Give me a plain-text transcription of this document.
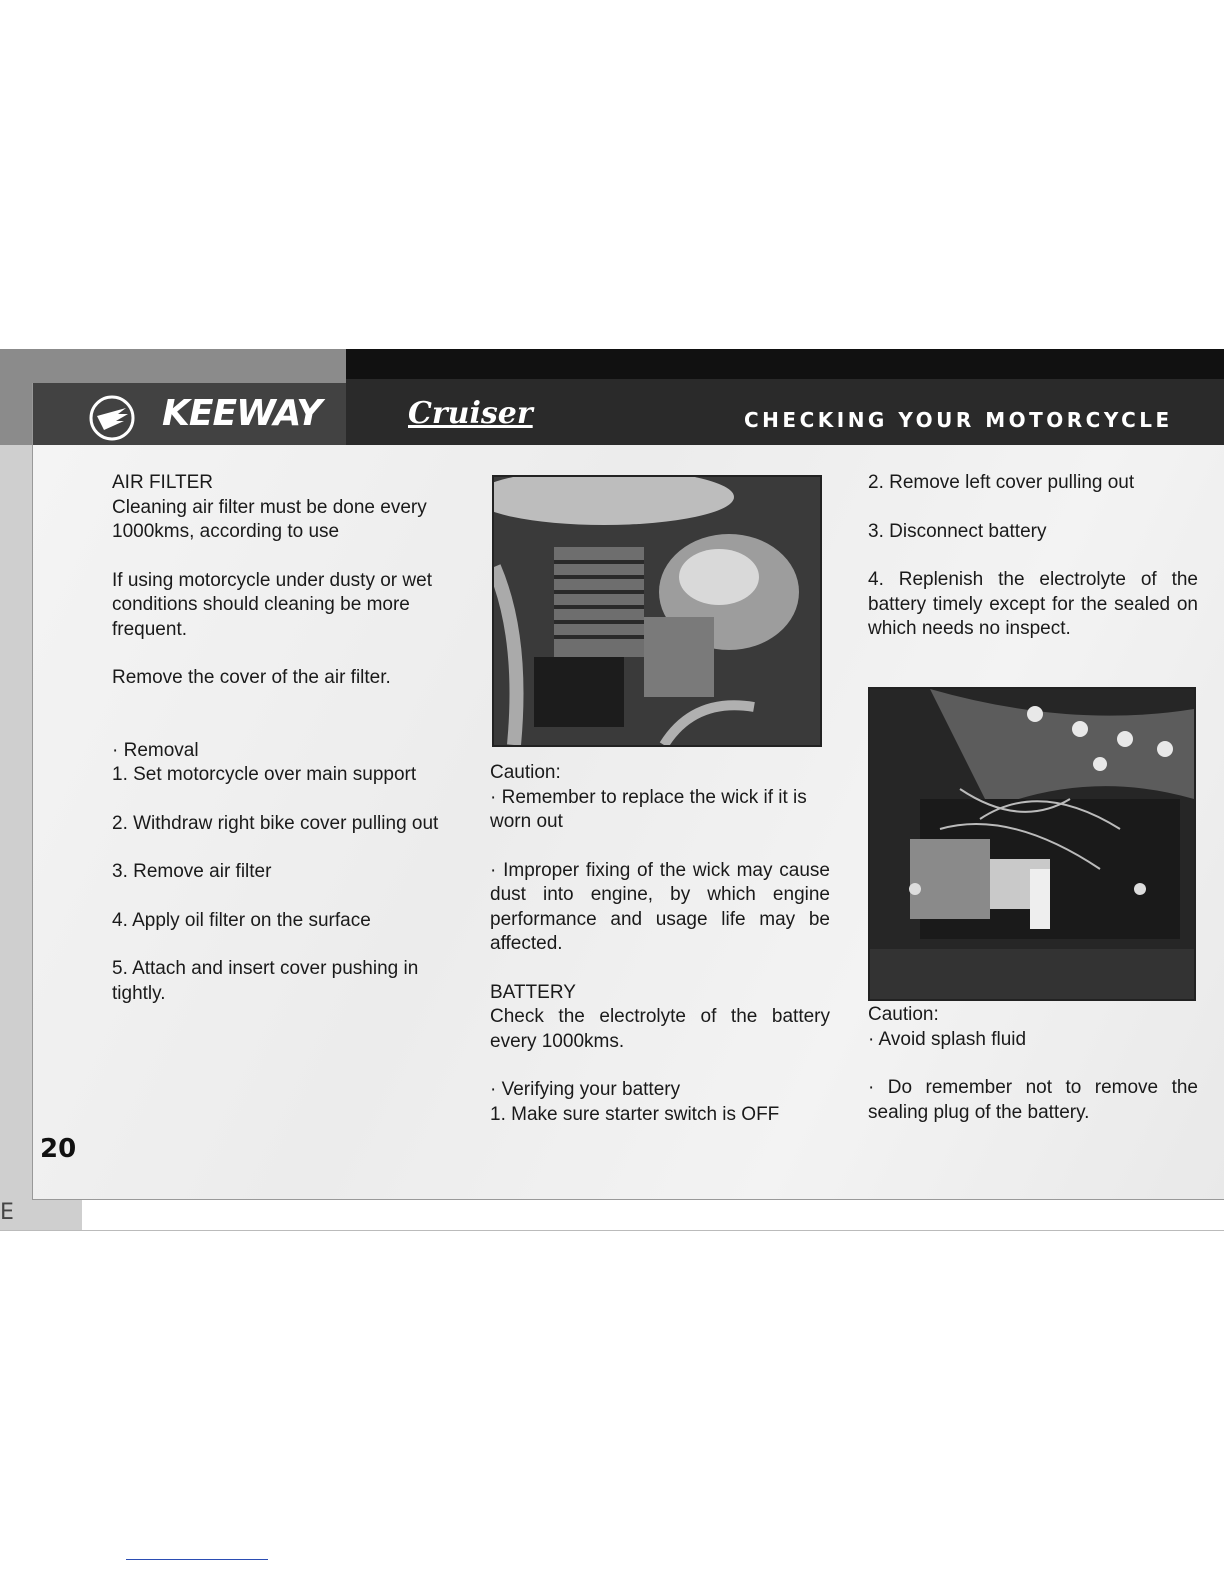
KEEWAY	Cruiser	CHECKING YOUR MOTORCYCLE

AIR FILTER

Cleaning air filter must be done every 1000kms, according to use

If using motorcycle under dusty or wet conditions should cleaning be more frequent.

Remove the cover of the air filter.

· Removal

1. Set motorcycle over main support

2. Withdraw right bike cover pulling out

3. Remove air filter

4. Apply oil filter on the surface

5. Attach and insert cover pushing in tightly.

Caution:

· Remember to replace the wick if it is worn out

· Improper fixing of the wick may cause dust into engine, by which engine performance and usage life may be affected.

BATTERY

Check the electrolyte of the battery every 1000kms.

· Verifying your battery

1. Make sure starter switch is OFF

2. Remove left cover pulling out

3. Disconnect battery

4. Replenish the electrolyte of the battery timely except for the sealed on which needs no inspect.

Caution:

· Avoid splash fluid

· Do remember not to remove the sealing plug of the battery.

20
E
